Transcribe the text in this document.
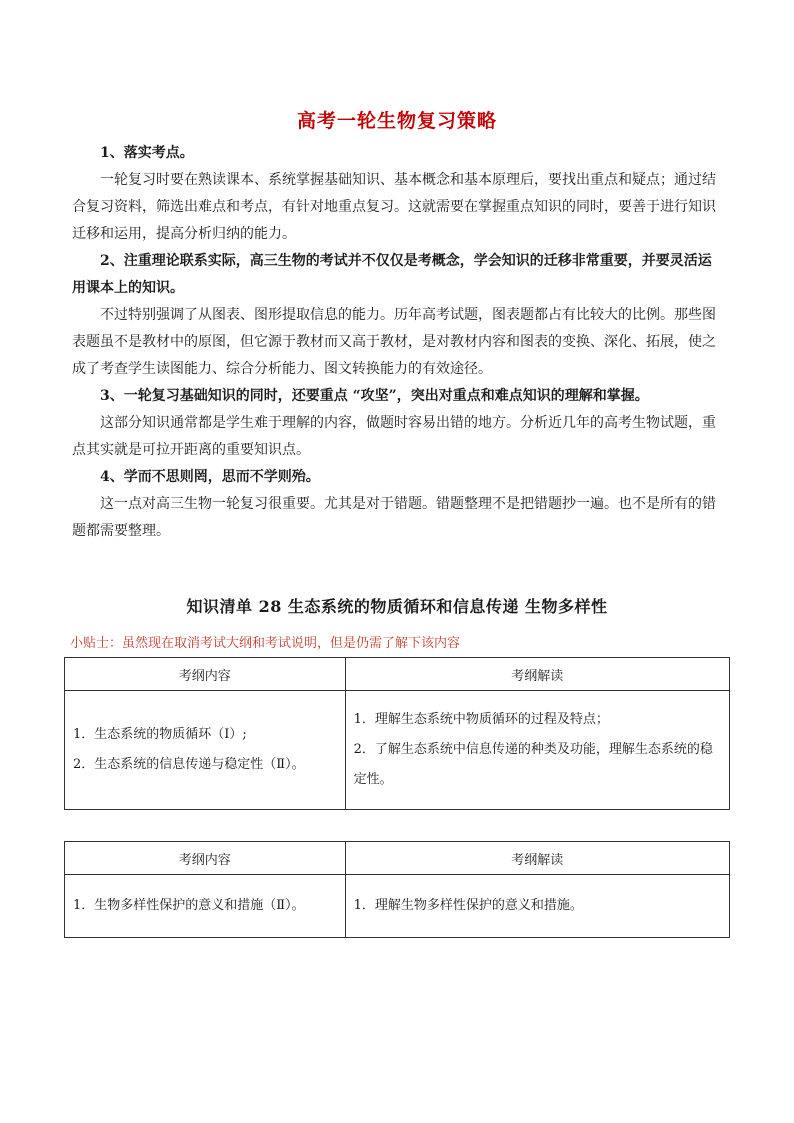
高考一轮生物复习策略

1、落实考点。

一轮复习时要在熟读课本、系统掌握基础知识、基本概念和基本原理后，要找出重点和疑点；通过结合复习资料，筛选出难点和考点，有针对地重点复习。这就需要在掌握重点知识的同时，要善于进行知识迁移和运用，提高分析归纳的能力。

2、注重理论联系实际，高三生物的考试并不仅仅是考概念，学会知识的迁移非常重要，并要灵活运用课本上的知识。

不过特别强调了从图表、图形提取信息的能力。历年高考试题，图表题都占有比较大的比例。那些图表题虽不是教材中的原图，但它源于教材而又高于教材，是对教材内容和图表的变换、深化、拓展，使之成了考查学生读图能力、综合分析能力、图文转换能力的有效途径。

3、一轮复习基础知识的同时，还要重点 “攻坚”，突出对重点和难点知识的理解和掌握。

这部分知识通常都是学生难于理解的内容，做题时容易出错的地方。分析近几年的高考生物试题，重点其实就是可拉开距离的重要知识点。

4、学而不思则罔，思而不学则殆。

这一点对高三生物一轮复习很重要。尤其是对于错题。错题整理不是把错题抄一遍。也不是所有的错题都需要整理。

知识清单 28 生态系统的物质循环和信息传递 生物多样性
小贴士：虽然现在取消考试大纲和考试说明，但是仍需了解下该内容
考纲内容	考纲解读

1．生态系统的物质循环（Ⅰ）;
2．生态系统的信息传递与稳定性（Ⅱ）。	1．理解生态系统中物质循环的过程及特点；
2．了解生态系统中信息传递的种类及功能，理解生态系统的稳定性。
考纲内容	考纲解读

1．生物多样性保护的意义和措施（Ⅱ）。	1．理解生物多样性保护的意义和措施。
